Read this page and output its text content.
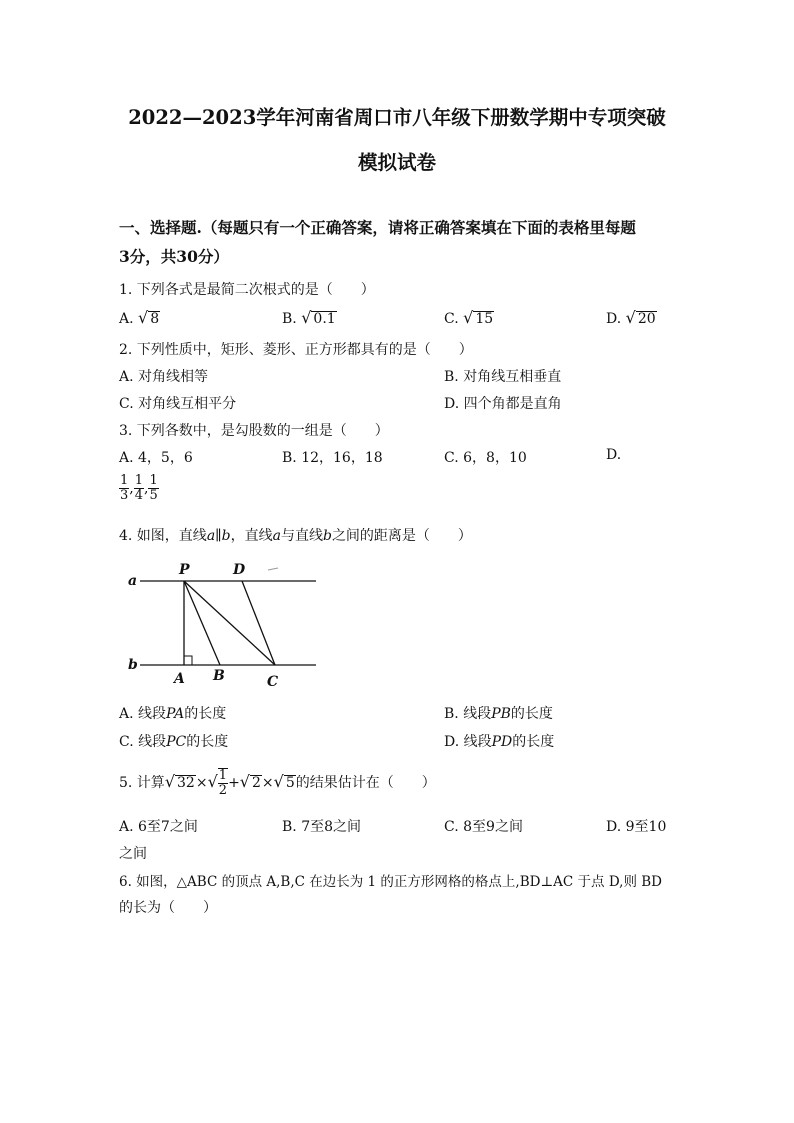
2022—2023学年河南省周口市八年级下册数学期中专项突破
模拟试卷
一、选择题.（每题只有一个正确答案，请将正确答案填在下面的表格里每题
3分，共30分）
1. 下列各式是最简二次根式的是（　　）
A. √ 8	B. √ 0.1	C. √ 15	D. √ 20
2. 下列性质中，矩形、菱形、正方形都具有的是（　　）
A. 对角线相等	B. 对角线互相垂直
C. 对角线互相平分	D. 四个角都是直角
3. 下列各数中，是勾股数的一组是（　　）
A. 4，5，6	B. 12，16，18	C. 6，8，10	D.
$\frac{1}{3}$ , $\frac{1}{4}$ , $\frac{1}{5}$
4. 如图，直线a∥b，直线a与直线b之间的距离是（　　）
a
b
P	D
A B	C
A. 线段PA的长度	B. 线段PB的长度
C. 线段PC的长度	D. 线段PD的长度
5. 计算√ $32\times√ \frac{1}{2}$ +√ 2×√ 5的结果估计在（　　）
A. 6至7之间	B. 7至8之间	C. 8至9之间	D. 9至10
之间
6. 如图，△ABC 的顶点 A,B,C 在边长为 1 的正方形网格的格点上,BD⊥AC 于点 D,则 BD
的长为（　　）
